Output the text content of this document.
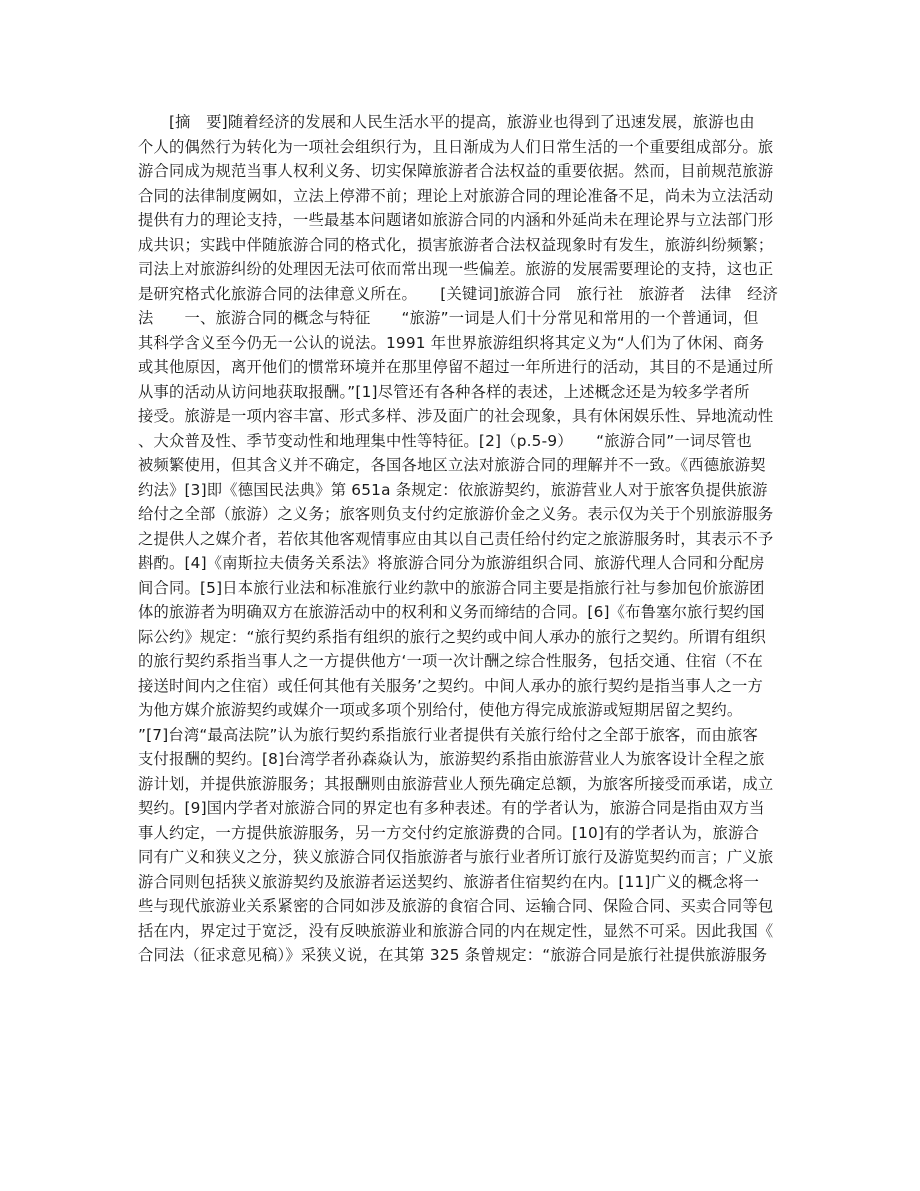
　　[摘　要]随着经济的发展和人民生活水平的提高，旅游业也得到了迅速发展，旅游也由
个人的偶然行为转化为一项社会组织行为，且日渐成为人们日常生活的一个重要组成部分。旅
游合同成为规范当事人权利义务、切实保障旅游者合法权益的重要依据。然而，目前规范旅游
合同的法律制度阙如，立法上停滞不前；理论上对旅游合同的理论准备不足，尚未为立法活动
提供有力的理论支持，一些最基本问题诸如旅游合同的内涵和外延尚未在理论界与立法部门形
成共识；实践中伴随旅游合同的格式化，损害旅游者合法权益现象时有发生，旅游纠纷频繁；
司法上对旅游纠纷的处理因无法可依而常出现一些偏差。旅游的发展需要理论的支持，这也正
是研究格式化旅游合同的法律意义所在。　　[关键词]旅游合同　旅行社　旅游者　法律　经济
法　　一、旅游合同的概念与特征　　“旅游”一词是人们十分常见和常用的一个普通词，但
其科学含义至今仍无一公认的说法。1991 年世界旅游组织将其定义为“人们为了休闲、商务
或其他原因，离开他们的惯常环境并在那里停留不超过一年所进行的活动，其目的不是通过所
从事的活动从访问地获取报酬。”[1]尽管还有各种各样的表述，上述概念还是为较多学者所
接受。旅游是一项内容丰富、形式多样、涉及面广的社会现象，具有休闲娱乐性、异地流动性
、大众普及性、季节变动性和地理集中性等特征。[2]（p.5-9）　　“旅游合同”一词尽管也
被频繁使用，但其含义并不确定，各国各地区立法对旅游合同的理解并不一致。《西德旅游契
约法》[3]即《德国民法典》第 651a 条规定：依旅游契约，旅游营业人对于旅客负提供旅游
给付之全部（旅游）之义务；旅客则负支付约定旅游价金之义务。表示仅为关于个别旅游服务
之提供人之媒介者，若依其他客观情事应由其以自己责任给付约定之旅游服务时，其表示不予
斟酌。[4]《南斯拉夫债务关系法》将旅游合同分为旅游组织合同、旅游代理人合同和分配房
间合同。[5]日本旅行业法和标准旅行业约款中的旅游合同主要是指旅行社与参加包价旅游团
体的旅游者为明确双方在旅游活动中的权利和义务而缔结的合同。[6]《布鲁塞尔旅行契约国
际公约》规定：“旅行契约系指有组织的旅行之契约或中间人承办的旅行之契约。所谓有组织
的旅行契约系指当事人之一方提供他方‘一项一次计酬之综合性服务，包括交通、住宿（不在
接送时间内之住宿）或任何其他有关服务’之契约。中间人承办的旅行契约是指当事人之一方
为他方媒介旅游契约或媒介一项或多项个别给付，使他方得完成旅游或短期居留之契约。
”[7]台湾“最高法院”认为旅行契约系指旅行业者提供有关旅行给付之全部于旅客，而由旅客
支付报酬的契约。[8]台湾学者孙森焱认为，旅游契约系指由旅游营业人为旅客设计全程之旅
游计划，并提供旅游服务；其报酬则由旅游营业人预先确定总额，为旅客所接受而承诺，成立
契约。[9]国内学者对旅游合同的界定也有多种表述。有的学者认为，旅游合同是指由双方当
事人约定，一方提供旅游服务，另一方交付约定旅游费的合同。[10]有的学者认为，旅游合
同有广义和狭义之分，狭义旅游合同仅指旅游者与旅行业者所订旅行及游览契约而言；广义旅
游合同则包括狭义旅游契约及旅游者运送契约、旅游者住宿契约在内。[11]广义的概念将一
些与现代旅游业关系紧密的合同如涉及旅游的食宿合同、运输合同、保险合同、买卖合同等包
括在内，界定过于宽泛，没有反映旅游业和旅游合同的内在规定性，显然不可采。因此我国《
合同法（征求意见稿）》采狭义说，在其第 325 条曾规定：“旅游合同是旅行社提供旅游服务
